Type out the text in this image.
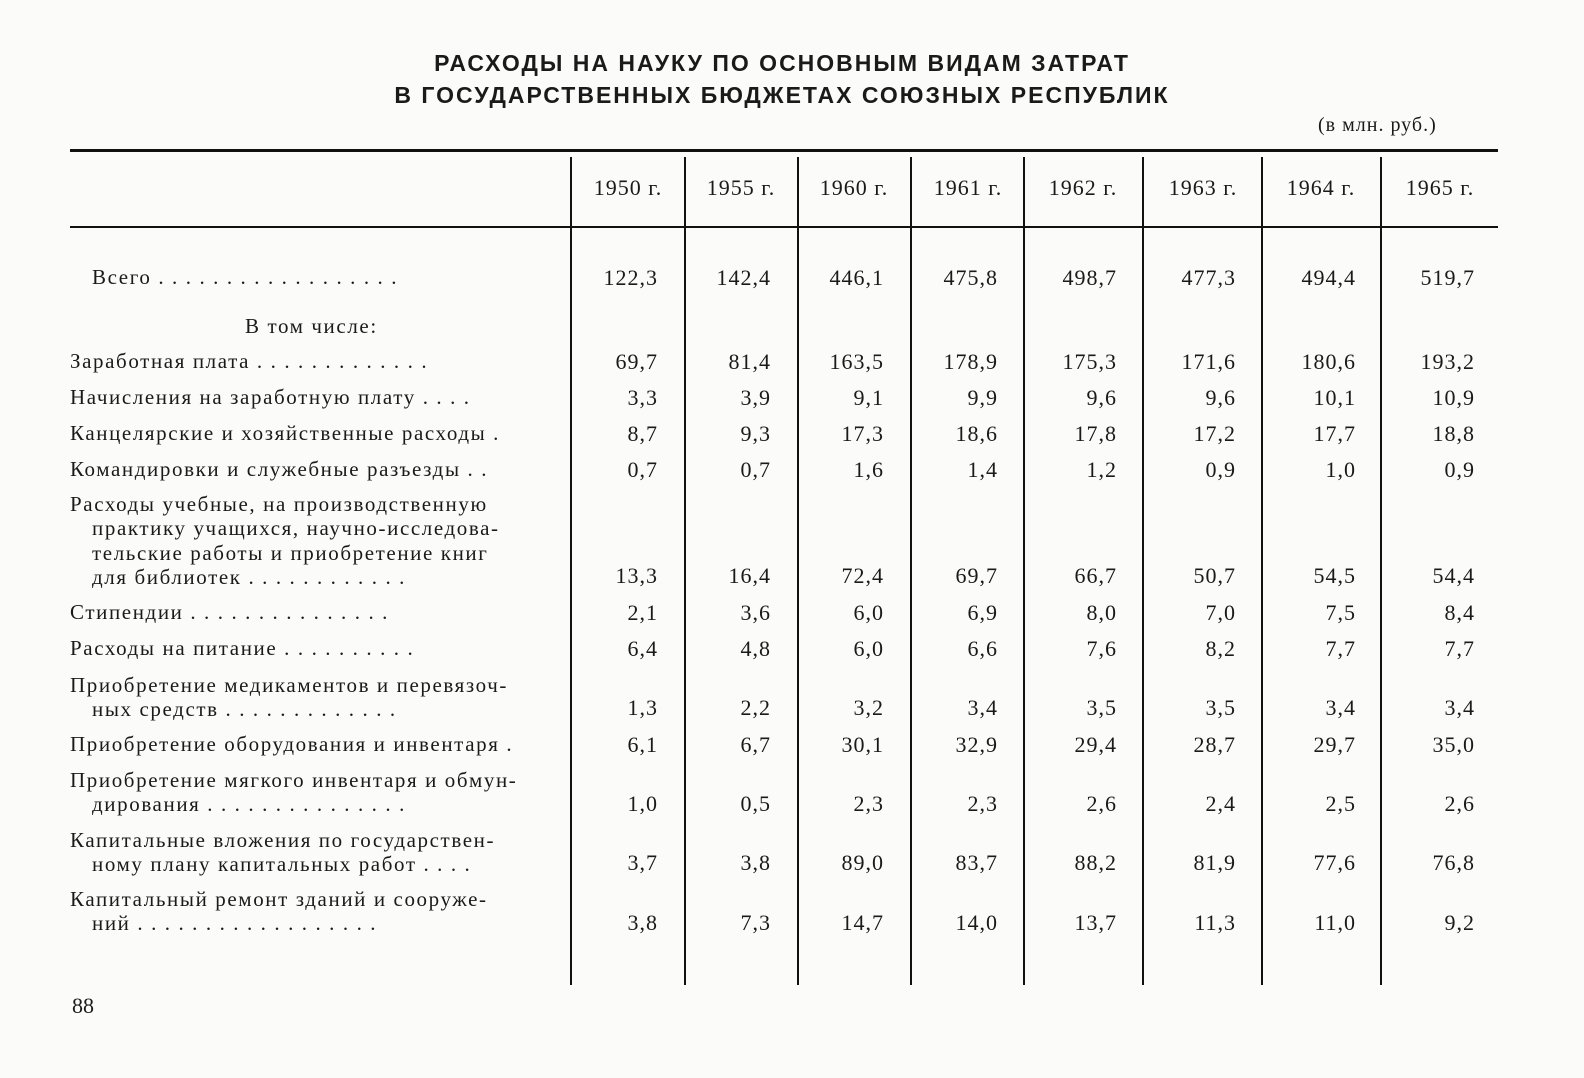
РАСХОДЫ НА НАУКУ ПО ОСНОВНЫМ ВИДАМ ЗАТРАТ
В ГОСУДАРСТВЕННЫХ БЮДЖЕТАХ СОЮЗНЫХ РЕСПУБЛИК
(в млн. руб.)
1950 г.	1955 г.	1960 г.	1961 г.	1962 г.	1963 г.	1964 г.	1965 г.
Всего . . . . . . . . . . . . . . . . . .	122,3	142,4	446,1	475,8	498,7	477,3	494,4	519,7
В том числе:
Заработная плата . . . . . . . . . . . . .	69,7	81,4	163,5	178,9	175,3	171,6	180,6	193,2
Начисления на заработную плату . . . .	3,3	3,9	9,1	9,9	9,6	9,6	10,1	10,9
Канцелярские и хозяйственные расходы .	8,7	9,3	17,3	18,6	17,8	17,2	17,7	18,8
Командировки и служебные разъезды . .	0,7	0,7	1,6	1,4	1,2	0,9	1,0	0,9
Расходы учебные, на производственную
практику учащихся, научно-исследова-
тельские работы и приобретение книг
для библиотек . . . . . . . . . . . .	13,3	16,4	72,4	69,7	66,7	50,7	54,5	54,4
Стипендии . . . . . . . . . . . . . . .	2,1	3,6	6,0	6,9	8,0	7,0	7,5	8,4
Расходы на питание . . . . . . . . . .	6,4	4,8	6,0	6,6	7,6	8,2	7,7	7,7
Приобретение медикаментов и перевязоч-
ных средств . . . . . . . . . . . . .	1,3	2,2	3,2	3,4	3,5	3,5	3,4	3,4
Приобретение оборудования и инвентаря .	6,1	6,7	30,1	32,9	29,4	28,7	29,7	35,0
Приобретение мягкого инвентаря и обмун-
дирования . . . . . . . . . . . . . . .	1,0	0,5	2,3	2,3	2,6	2,4	2,5	2,6
Капитальные вложения по государствен-
ному плану капитальных работ . . . .	3,7	3,8	89,0	83,7	88,2	81,9	77,6	76,8
Капитальный ремонт зданий и сооруже-
ний . . . . . . . . . . . . . . . . . .	3,8	7,3	14,7	14,0	13,7	11,3	11,0	9,2
88
